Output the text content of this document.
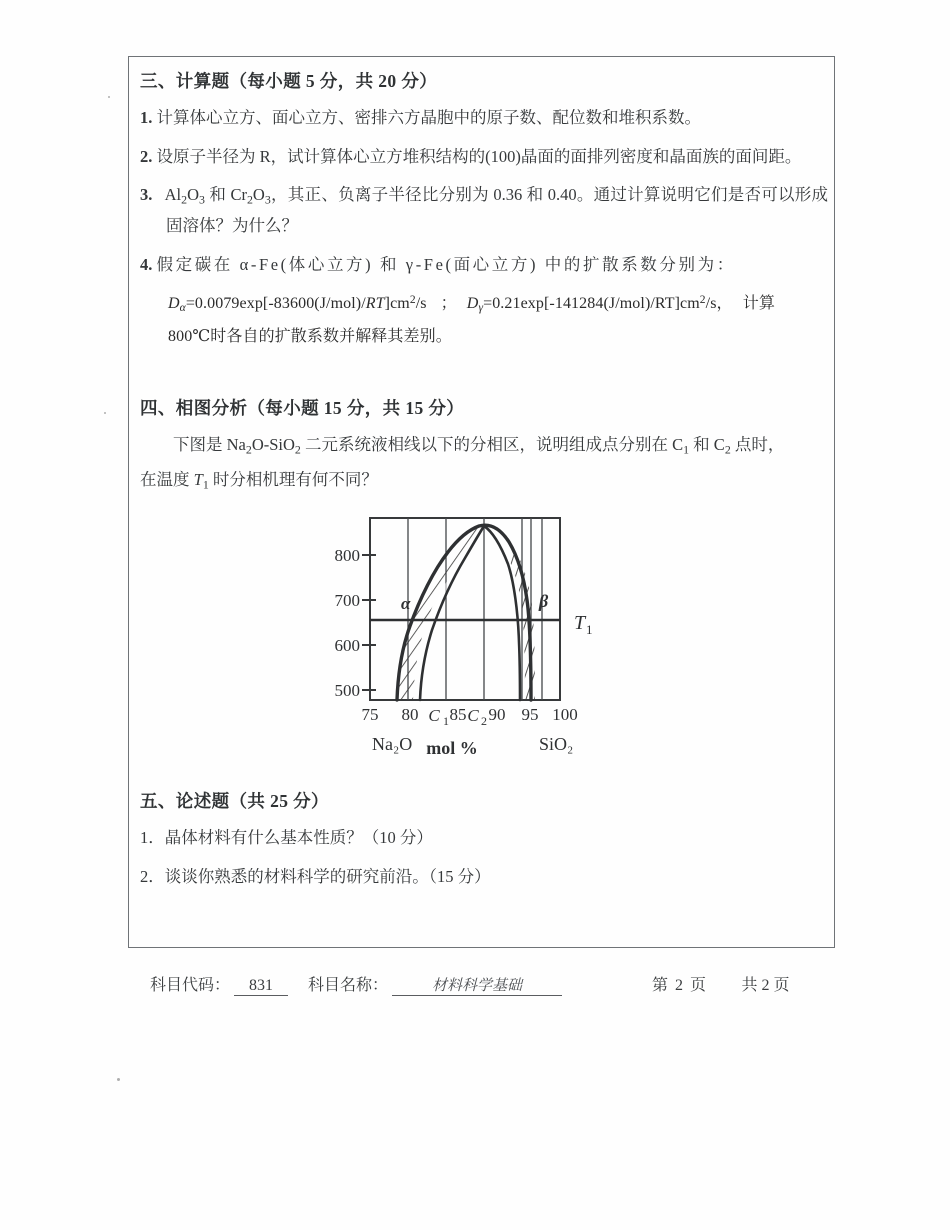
三、计算题（每小题 5 分，共 20 分）

1. 计算体心立方、面心立方、密排六方晶胞中的原子数、配位数和堆积系数。

2. 设原子半径为 R，试计算体心立方堆积结构的(100)晶面的面排列密度和晶面族的面间距。

3. $Al_2O_3$ 和 $Cr_2O_3$，其正、负离子半径比分别为 0.36 和 0.40。通过计算说明它们是否可以形成固溶体？为什么？

4. 假定碳在 α-Fe(体心立方) 和 γ-Fe(面心立方) 中的扩散系数分别为：

$D_\alpha=0.0079\exp[-83600(J/mol)/RT]cm^2/s$ ； $D_\gamma=0.21\exp[-141284(J/mol)/RT]cm^2/s$， 计算
800℃时各自的扩散系数并解释其差别。
四、相图分析（每小题 15 分，共 15 分）

下图是 $Na_2O-SiO_2$ 二元系统液相线以下的分相区，说明组成点分别在 $C_1$ 和 $C_2$ 点时，

在温度 $T_1$ 时分相机理有何不同？

800
700
600
500
α	β
T 1
75 80 85 90 95 100
C 1 C 2
Na₂O mol %	SiO₂
五、论述题（共 25 分）

1．晶体材料有什么基本性质？（10 分）

2．谈谈你熟悉的材料科学的研究前沿。（15 分）

科目代码：	831	科目名称：	材料科学基础	第 2 页 共 2 页
